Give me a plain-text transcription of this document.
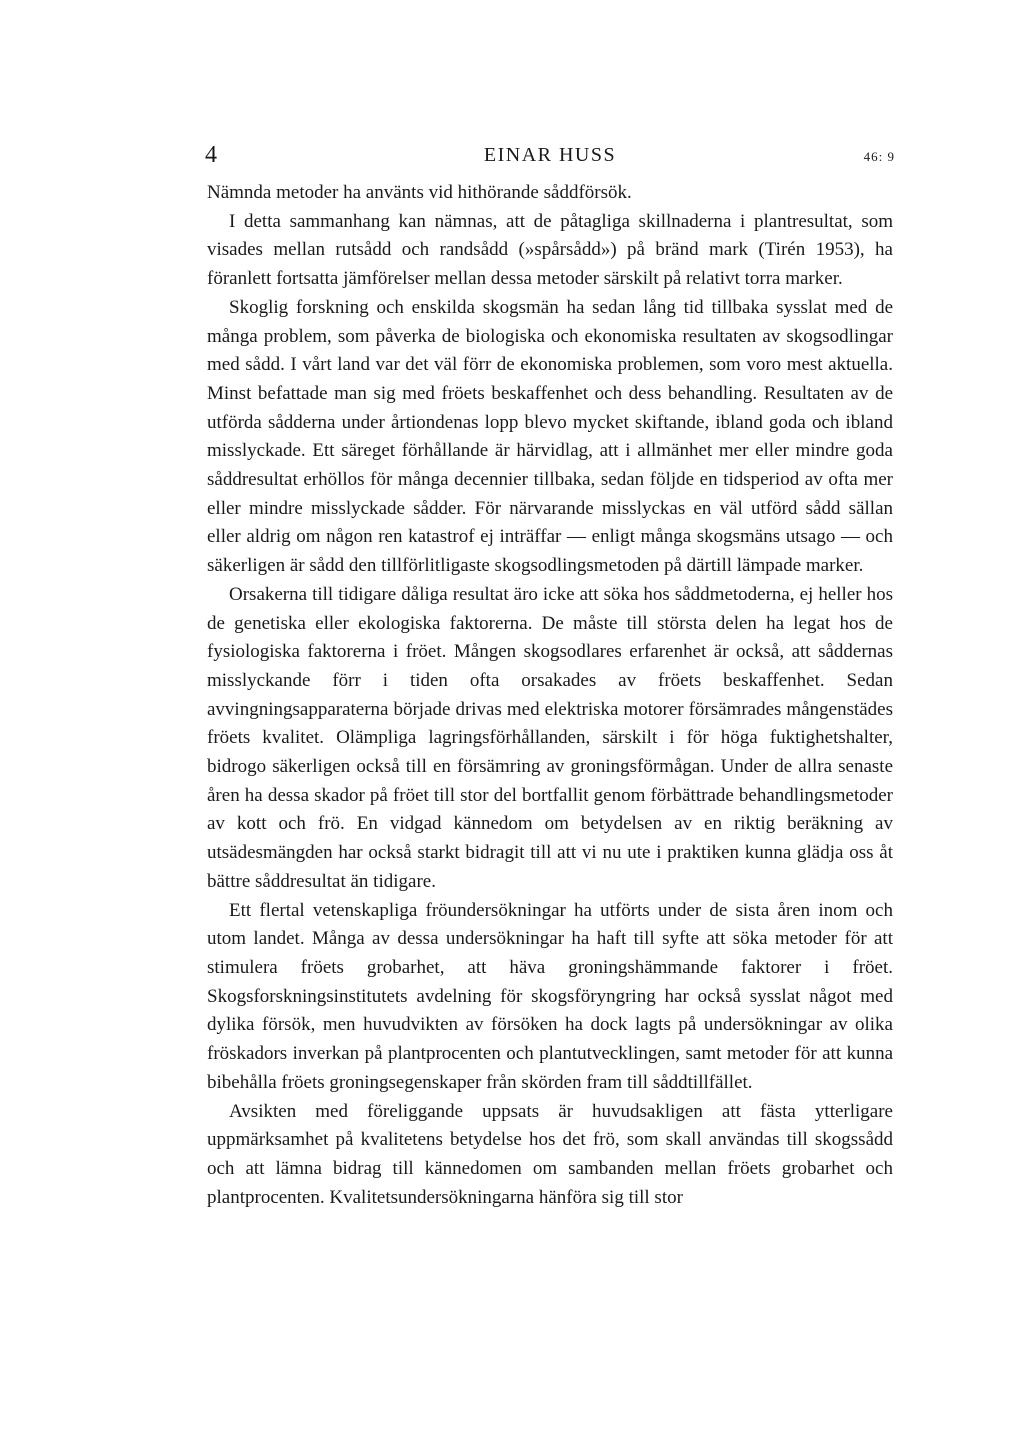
4	EINAR HUSS	46: 9

Nämnda metoder ha använts vid hithörande såddförsök.

I detta sammanhang kan nämnas, att de påtagliga skillnaderna i plantresultat, som visades mellan rutsådd och randsådd (»spårsådd») på bränd mark (Tirén 1953), ha föranlett fortsatta jämförelser mellan dessa metoder särskilt på relativt torra marker.

Skoglig forskning och enskilda skogsmän ha sedan lång tid tillbaka sysslat med de många problem, som påverka de biologiska och ekonomiska resultaten av skogsodlingar med sådd. I vårt land var det väl förr de ekonomiska problemen, som voro mest aktuella. Minst befattade man sig med fröets beskaffenhet och dess behandling. Resultaten av de utförda sådderna under årtiondenas lopp blevo mycket skiftande, ibland goda och ibland misslyckade. Ett säreget förhållande är härvidlag, att i allmänhet mer eller mindre goda såddresultat erhöllos för många decennier tillbaka, sedan följde en tidsperiod av ofta mer eller mindre misslyckade sådder. För närvarande misslyckas en väl utförd sådd sällan eller aldrig om någon ren katastrof ej inträffar — enligt många skogsmäns utsago — och säkerligen är sådd den tillförlitligaste skogsodlingsmetoden på därtill lämpade marker.

Orsakerna till tidigare dåliga resultat äro icke att söka hos såddmetoderna, ej heller hos de genetiska eller ekologiska faktorerna. De måste till största delen ha legat hos de fysiologiska faktorerna i fröet. Mången skogsodlares erfarenhet är också, att såddernas misslyckande förr i tiden ofta orsakades av fröets beskaffenhet. Sedan avvingningsapparaterna började drivas med elektriska motorer försämrades mångenstädes fröets kvalitet. Olämpliga lagringsförhållanden, särskilt i för höga fuktighetshalter, bidrogo säkerligen också till en försämring av groningsförmågan. Under de allra senaste åren ha dessa skador på fröet till stor del bortfallit genom förbättrade behandlingsmetoder av kott och frö. En vidgad kännedom om betydelsen av en riktig beräkning av utsädesmängden har också starkt bidragit till att vi nu ute i praktiken kunna glädja oss åt bättre såddresultat än tidigare.

Ett flertal vetenskapliga fröundersökningar ha utförts under de sista åren inom och utom landet. Många av dessa undersökningar ha haft till syfte att söka metoder för att stimulera fröets grobarhet, att häva groningshämmande faktorer i fröet. Skogsforskningsinstitutets avdelning för skogsföryngring har också sysslat något med dylika försök, men huvudvikten av försöken ha dock lagts på undersökningar av olika fröskadors inverkan på plantprocenten och plantutvecklingen, samt metoder för att kunna bibehålla fröets groningsegenskaper från skörden fram till såddtillfället.

Avsikten med föreliggande uppsats är huvudsakligen att fästa ytterligare uppmärksamhet på kvalitetens betydelse hos det frö, som skall användas till skogssådd och att lämna bidrag till kännedomen om sambanden mellan fröets grobarhet och plantprocenten. Kvalitetsundersökningarna hänföra sig till stor
